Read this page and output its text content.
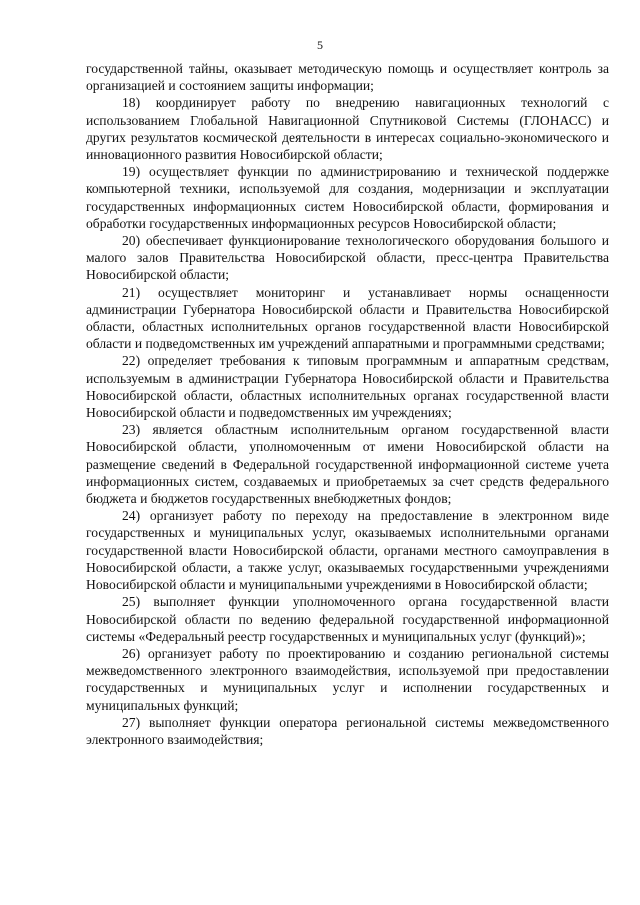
5

государственной тайны, оказывает методическую помощь и осуществляет контроль за организацией и состоянием защиты информации;

18) координирует работу по внедрению навигационных технологий с использованием Глобальной Навигационной Спутниковой Системы (ГЛОНАСС) и других результатов космической деятельности в интересах социально-экономического и инновационного развития Новосибирской области;

19) осуществляет функции по администрированию и технической поддержке компьютерной техники, используемой для создания, модернизации и эксплуатации государственных информационных систем Новосибирской области, формирования и обработки государственных информационных ресурсов Новосибирской области;

20) обеспечивает функционирование технологического оборудования большого и малого залов Правительства Новосибирской области, пресс-центра Правительства Новосибирской области;

21) осуществляет мониторинг и устанавливает нормы оснащенности администрации Губернатора Новосибирской области и Правительства Новосибирской области, областных исполнительных органов государственной власти Новосибирской области и подведомственных им учреждений аппаратными и программными средствами;

22) определяет требования к типовым программным и аппаратным средствам, используемым в администрации Губернатора Новосибирской области и Правительства Новосибирской области, областных исполнительных органах государственной власти Новосибирской области и подведомственных им учреждениях;

23) является областным исполнительным органом государственной власти Новосибирской области, уполномоченным от имени Новосибирской области на размещение сведений в Федеральной государственной информационной системе учета информационных систем, создаваемых и приобретаемых за счет средств федерального бюджета и бюджетов государственных внебюджетных фондов;

24) организует работу по переходу на предоставление в электронном виде государственных и муниципальных услуг, оказываемых исполнительными органами государственной власти Новосибирской области, органами местного самоуправления в Новосибирской области, а также услуг, оказываемых государственными учреждениями Новосибирской области и муниципальными учреждениями в Новосибирской области;

25) выполняет функции уполномоченного органа государственной власти Новосибирской области по ведению федеральной государственной информационной системы «Федеральный реестр государственных и муниципальных услуг (функций)»;

26) организует работу по проектированию и созданию региональной системы межведомственного электронного взаимодействия, используемой при предоставлении государственных и муниципальных услуг и исполнении государственных и муниципальных функций;

27) выполняет функции оператора региональной системы межведомственного электронного взаимодействия;
